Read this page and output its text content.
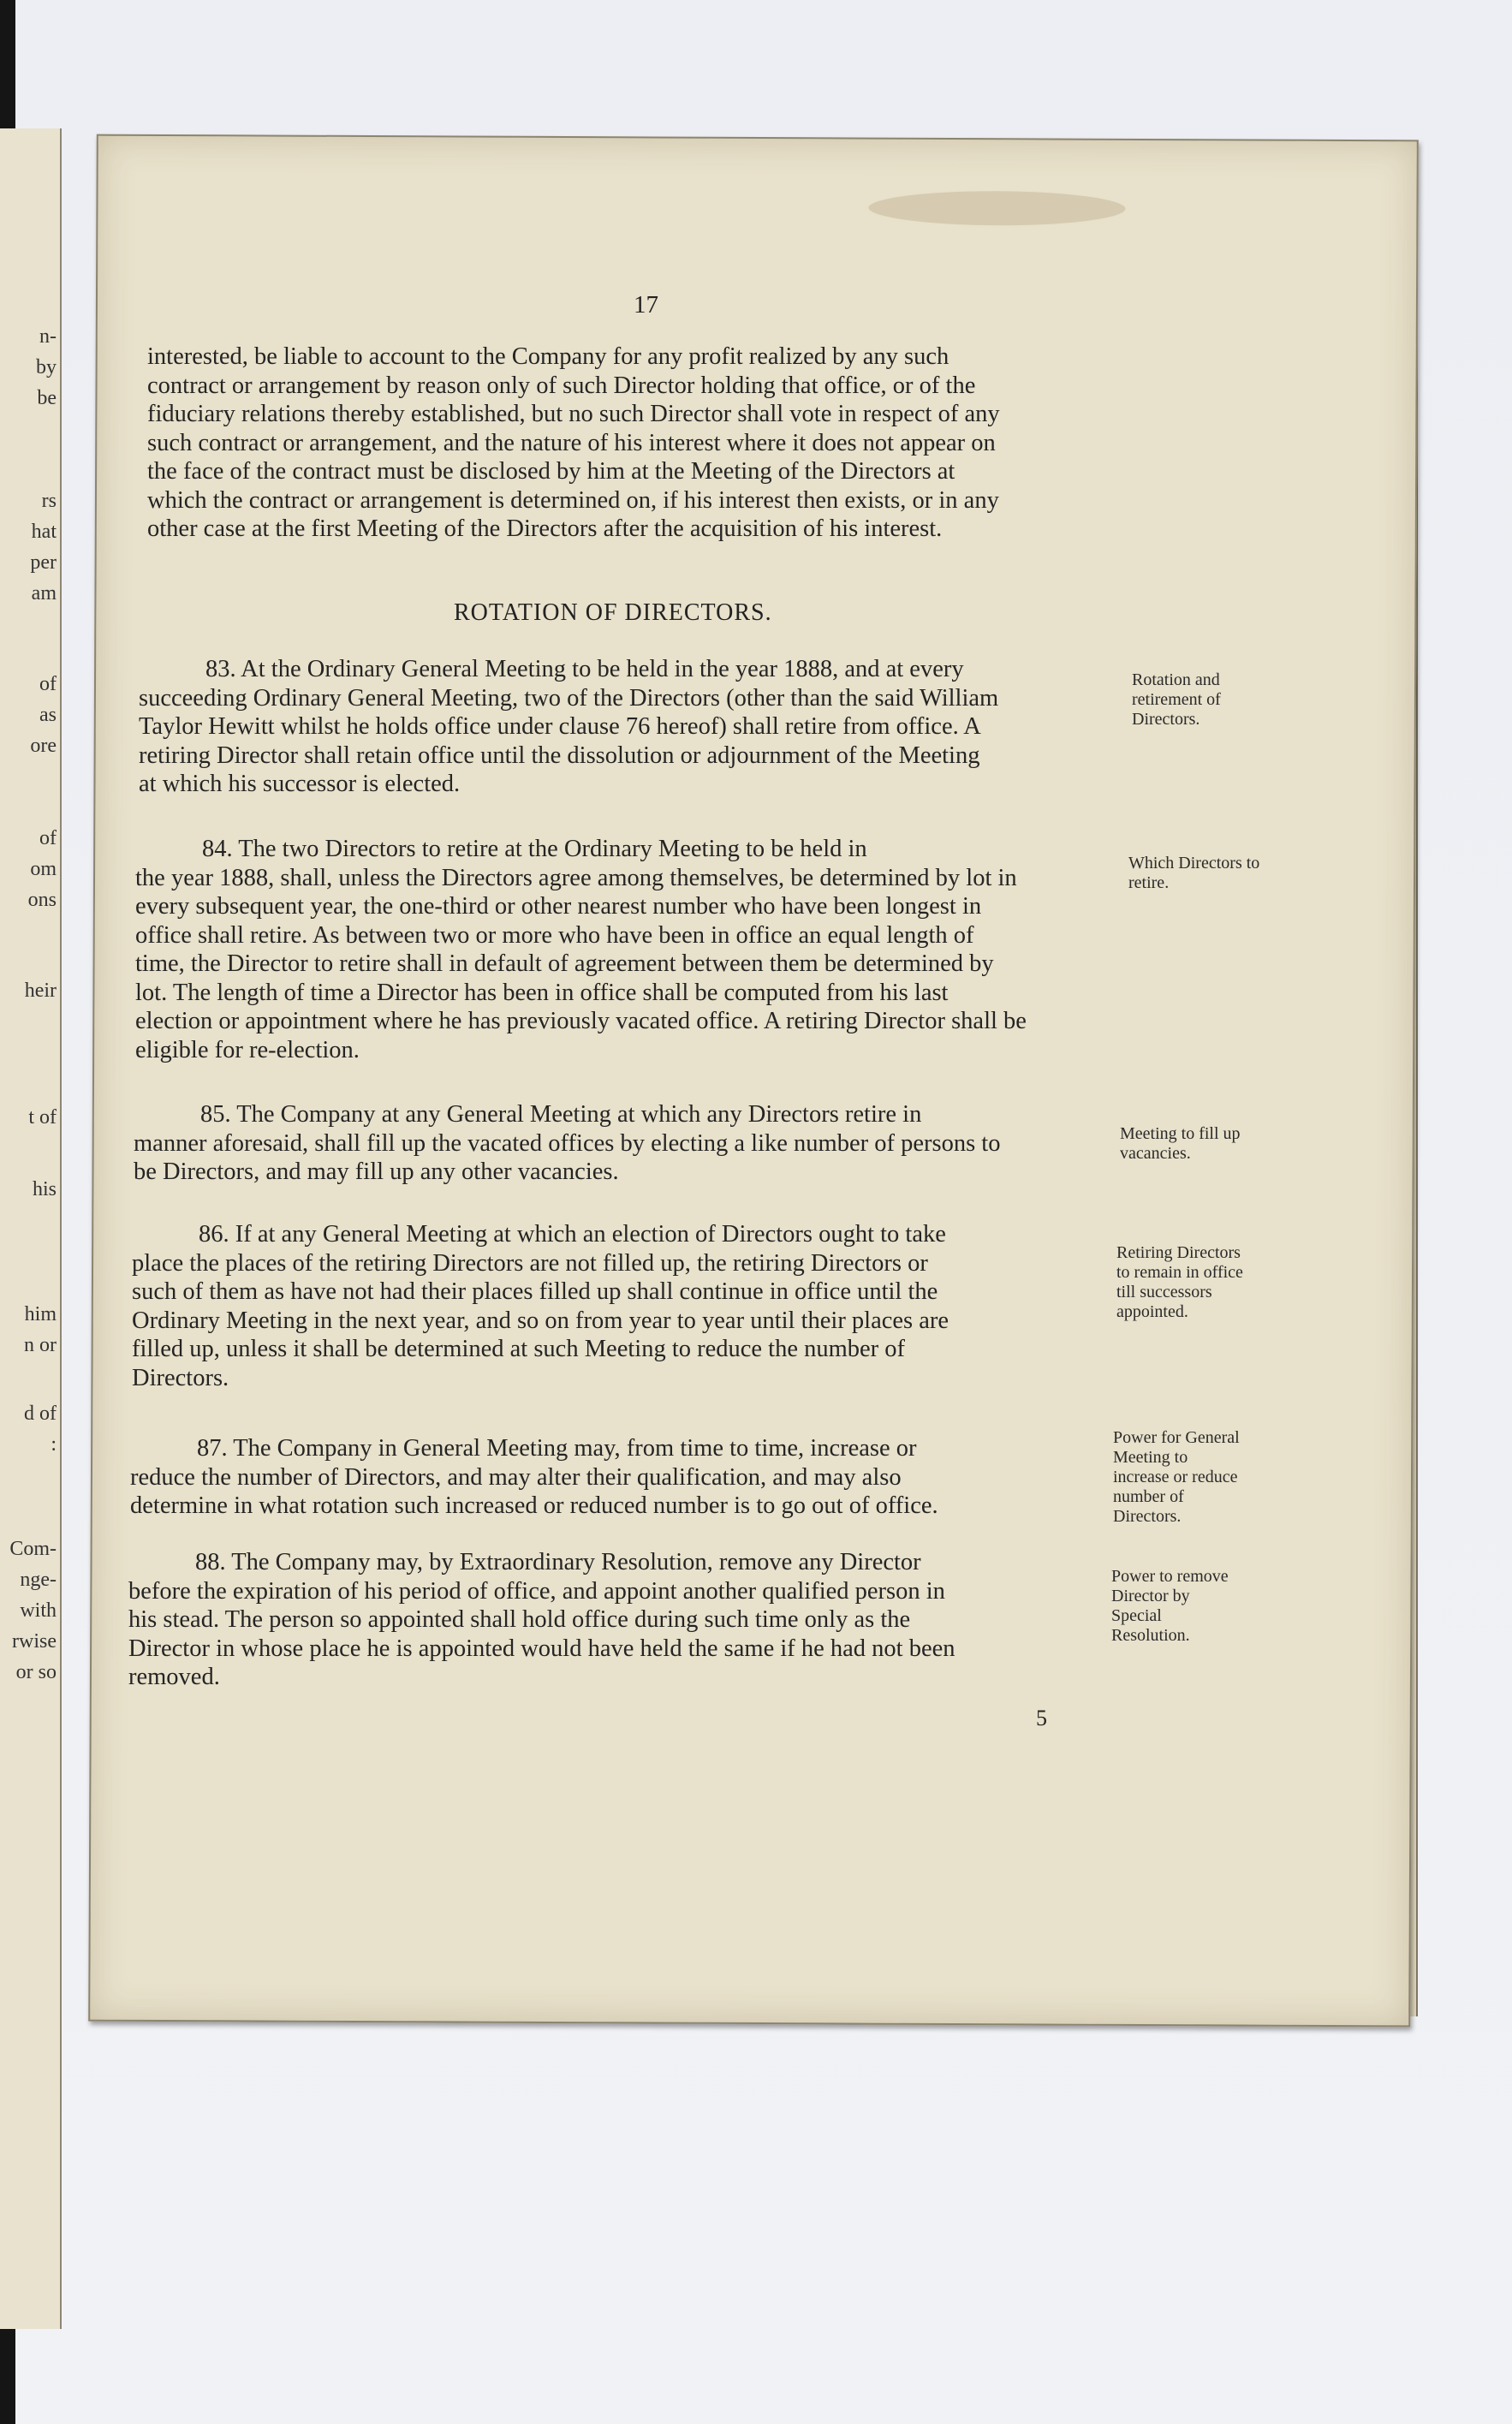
n-
by
be
rs
hat
per
am
of
as
ore
of
om
ons
heir
t of
his
him
n or
d of
:
Com-
nge-
with
rwise
or so
17

interested, be liable to account to the Company for any profit realized by any such

contract or arrangement by reason only of such Director holding that office, or of the

fiduciary relations thereby established, but no such Director shall vote in respect of any

such contract or arrangement, and the nature of his interest where it does not appear on

the face of the contract must be disclosed by him at the Meeting of the Directors at

which the contract or arrangement is determined on, if his interest then exists, or in any

other case at the first Meeting of the Directors after the acquisition of his interest.

ROTATION OF DIRECTORS.

83. At the Ordinary General Meeting to be held in the year 1888, and at every

succeeding Ordinary General Meeting, two of the Directors (other than the said William

Taylor Hewitt whilst he holds office under clause 76 hereof) shall retire from office. A

retiring Director shall retain office until the dissolution or adjournment of the Meeting

at which his successor is elected.

Rotation and retirement of Directors.

84. The two Directors to retire at the Ordinary Meeting to be held in

the year 1888, shall, unless the Directors agree among themselves, be determined by lot in

every subsequent year, the one-third or other nearest number who have been longest in

office shall retire. As between two or more who have been in office an equal length of

time, the Director to retire shall in default of agreement between them be determined by

lot. The length of time a Director has been in office shall be computed from his last

election or appointment where he has previously vacated office. A retiring Director shall be

eligible for re-election.

Which Directors to retire.

85. The Company at any General Meeting at which any Directors retire in

manner aforesaid, shall fill up the vacated offices by electing a like number of persons to

be Directors, and may fill up any other vacancies.

Meeting to fill up vacancies.

86. If at any General Meeting at which an election of Directors ought to take

place the places of the retiring Directors are not filled up, the retiring Directors or

such of them as have not had their places filled up shall continue in office until the

Ordinary Meeting in the next year, and so on from year to year until their places are

filled up, unless it shall be determined at such Meeting to reduce the number of

Directors.

Retiring Directors to remain in office till successors appointed.

87. The Company in General Meeting may, from time to time, increase or

reduce the number of Directors, and may alter their qualification, and may also

determine in what rotation such increased or reduced number is to go out of office.

Power for General Meeting to increase or reduce number of Directors.

88. The Company may, by Extraordinary Resolution, remove any Director

before the expiration of his period of office, and appoint another qualified person in

his stead. The person so appointed shall hold office during such time only as the

Director in whose place he is appointed would have held the same if he had not been

removed.

Power to remove Director by Special Resolution.
5
